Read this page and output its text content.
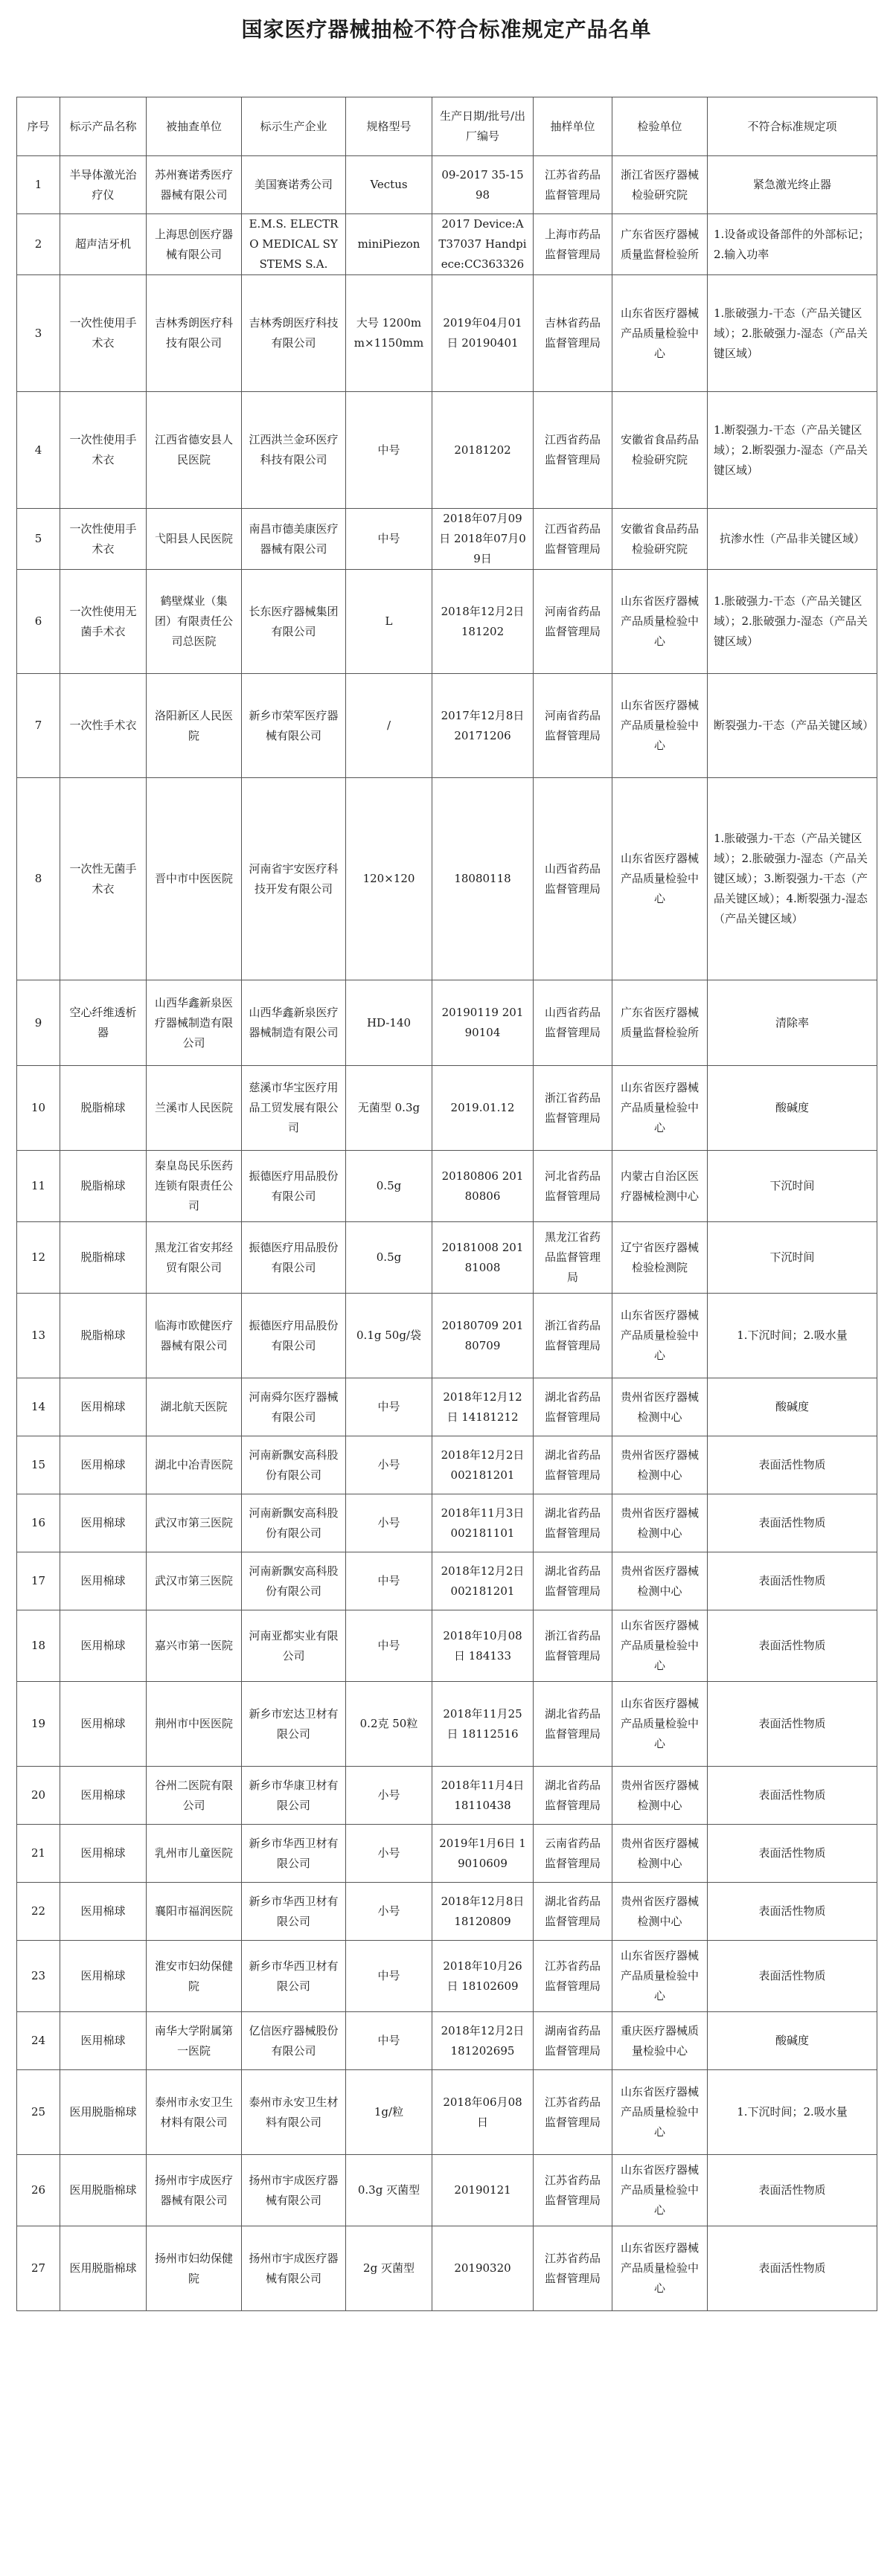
国家医疗器械抽检不符合标准规定产品名单
序号	标示产品名称	被抽查单位	标示生产企业	规格型号	生产日期/批号/出厂编号	抽样单位	检验单位	不符合标准规定项
1	半导体激光治疗仪	苏州赛诺秀医疗器械有限公司	美国赛诺秀公司	Vectus	09-2017 35-1598	江苏省药品监督管理局	浙江省医疗器械检验研究院	紧急激光终止器
2	超声洁牙机	上海思创医疗器械有限公司	E.M.S. ELECTRO MEDICAL SYSTEMS S.A.	miniPiezon	2017 Device:AT37037 Handpiece:CC363326	上海市药品监督管理局	广东省医疗器械质量监督检验所	1.设备或设备部件的外部标记；2.输入功率
3	一次性使用手术衣	吉林秀朗医疗科技有限公司	吉林秀朗医疗科技有限公司	大号 1200mm×1150mm	2019年04月01日 20190401	吉林省药品监督管理局	山东省医疗器械产品质量检验中心	1.胀破强力-干态（产品关键区域）；2.胀破强力-湿态（产品关键区域）
4	一次性使用手术衣	江西省德安县人民医院	江西洪兰金环医疗科技有限公司	中号	20181202	江西省药品监督管理局	安徽省食品药品检验研究院	1.断裂强力-干态（产品关键区域）；2.断裂强力-湿态（产品关键区域）
5	一次性使用手术衣	弋阳县人民医院	南昌市德美康医疗器械有限公司	中号	2018年07月09日 2018年07月09日	江西省药品监督管理局	安徽省食品药品检验研究院	抗渗水性（产品非关键区域）
6	一次性使用无菌手术衣	鹤壁煤业（集团）有限责任公司总医院	长东医疗器械集团有限公司	L	2018年12月2日 181202	河南省药品监督管理局	山东省医疗器械产品质量检验中心	1.胀破强力-干态（产品关键区域）；2.胀破强力-湿态（产品关键区域）
7	一次性手术衣	洛阳新区人民医院	新乡市荣军医疗器械有限公司	/	2017年12月8日 20171206	河南省药品监督管理局	山东省医疗器械产品质量检验中心	断裂强力-干态（产品关键区域）
8	一次性无菌手术衣	晋中市中医医院	河南省宇安医疗科技开发有限公司	120×120	18080118	山西省药品监督管理局	山东省医疗器械产品质量检验中心	1.胀破强力-干态（产品关键区域）；2.胀破强力-湿态（产品关键区域）；3.断裂强力-干态（产品关键区域）；4.断裂强力-湿态（产品关键区域）
9	空心纤维透析器	山西华鑫新泉医疗器械制造有限公司	山西华鑫新泉医疗器械制造有限公司	HD-140	20190119 20190104	山西省药品监督管理局	广东省医疗器械质量监督检验所	清除率
10	脱脂棉球	兰溪市人民医院	慈溪市华宝医疗用品工贸发展有限公司	无菌型 0.3g	2019.01.12	浙江省药品监督管理局	山东省医疗器械产品质量检验中心	酸碱度
11	脱脂棉球	秦皇岛民乐医药连锁有限责任公司	振德医疗用品股份有限公司	0.5g	20180806 20180806	河北省药品监督管理局	内蒙古自治区医疗器械检测中心	下沉时间
12	脱脂棉球	黑龙江省安邦经贸有限公司	振德医疗用品股份有限公司	0.5g	20181008 20181008	黑龙江省药品监督管理局	辽宁省医疗器械检验检测院	下沉时间
13	脱脂棉球	临海市欧健医疗器械有限公司	振德医疗用品股份有限公司	0.1g 50g/袋	20180709 20180709	浙江省药品监督管理局	山东省医疗器械产品质量检验中心	1.下沉时间；2.吸水量
14	医用棉球	湖北航天医院	河南舜尔医疗器械有限公司	中号	2018年12月12日 14181212	湖北省药品监督管理局	贵州省医疗器械检测中心	酸碱度
15	医用棉球	湖北中冶青医院	河南新飘安高科股份有限公司	小号	2018年12月2日 002181201	湖北省药品监督管理局	贵州省医疗器械检测中心	表面活性物质
16	医用棉球	武汉市第三医院	河南新飘安高科股份有限公司	小号	2018年11月3日 002181101	湖北省药品监督管理局	贵州省医疗器械检测中心	表面活性物质
17	医用棉球	武汉市第三医院	河南新飘安高科股份有限公司	中号	2018年12月2日 002181201	湖北省药品监督管理局	贵州省医疗器械检测中心	表面活性物质
18	医用棉球	嘉兴市第一医院	河南亚都实业有限公司	中号	2018年10月08日 184133	浙江省药品监督管理局	山东省医疗器械产品质量检验中心	表面活性物质
19	医用棉球	荆州市中医医院	新乡市宏达卫材有限公司	0.2克 50粒	2018年11月25日 18112516	湖北省药品监督管理局	山东省医疗器械产品质量检验中心	表面活性物质
20	医用棉球	谷州二医院有限公司	新乡市华康卫材有限公司	小号	2018年11月4日 18110438	湖北省药品监督管理局	贵州省医疗器械检测中心	表面活性物质
21	医用棉球	乳州市儿童医院	新乡市华西卫材有限公司	小号	2019年1月6日 19010609	云南省药品监督管理局	贵州省医疗器械检测中心	表面活性物质
22	医用棉球	襄阳市福润医院	新乡市华西卫材有限公司	小号	2018年12月8日 18120809	湖北省药品监督管理局	贵州省医疗器械检测中心	表面活性物质
23	医用棉球	淮安市妇幼保健院	新乡市华西卫材有限公司	中号	2018年10月26日 18102609	江苏省药品监督管理局	山东省医疗器械产品质量检验中心	表面活性物质
24	医用棉球	南华大学附属第一医院	亿信医疗器械股份有限公司	中号	2018年12月2日 181202695	湖南省药品监督管理局	重庆医疗器械质量检验中心	酸碱度
25	医用脱脂棉球	泰州市永安卫生材料有限公司	泰州市永安卫生材料有限公司	1g/粒	2018年06月08日	江苏省药品监督管理局	山东省医疗器械产品质量检验中心	1.下沉时间；2.吸水量
26	医用脱脂棉球	扬州市宇成医疗器械有限公司	扬州市宇成医疗器械有限公司	0.3g 灭菌型	20190121	江苏省药品监督管理局	山东省医疗器械产品质量检验中心	表面活性物质
27	医用脱脂棉球	扬州市妇幼保健院	扬州市宇成医疗器械有限公司	2g 灭菌型	20190320	江苏省药品监督管理局	山东省医疗器械产品质量检验中心	表面活性物质
